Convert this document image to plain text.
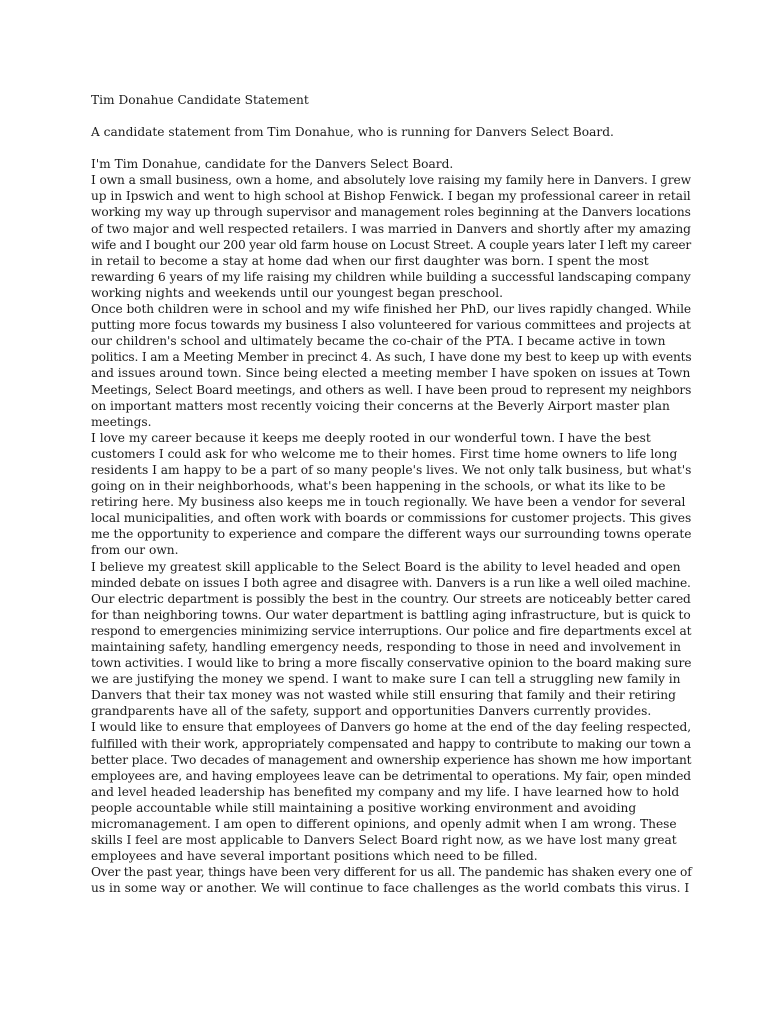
Tim Donahue Candidate Statement
A candidate statement from Tim Donahue, who is running for Danvers Select Board.
I'm Tim Donahue, candidate for the Danvers Select Board.
I own a small business, own a home, and absolutely love raising my family here in Danvers. I grew
up in Ipswich and went to high school at Bishop Fenwick. I began my professional career in retail
working my way up through supervisor and management roles beginning at the Danvers locations
of two major and well respected retailers. I was married in Danvers and shortly after my amazing
wife and I bought our 200 year old farm house on Locust Street. A couple years later I left my career
in retail to become a stay at home dad when our first daughter was born. I spent the most
rewarding 6 years of my life raising my children while building a successful landscaping company
working nights and weekends until our youngest began preschool.
Once both children were in school and my wife finished her PhD, our lives rapidly changed. While
putting more focus towards my business I also volunteered for various committees and projects at
our children's school and ultimately became the co-chair of the PTA. I became active in town
politics. I am a Meeting Member in precinct 4. As such, I have done my best to keep up with events
and issues around town. Since being elected a meeting member I have spoken on issues at Town
Meetings, Select Board meetings, and others as well. I have been proud to represent my neighbors
on important matters most recently voicing their concerns at the Beverly Airport master plan
meetings.
I love my career because it keeps me deeply rooted in our wonderful town. I have the best
customers I could ask for who welcome me to their homes. First time home owners to life long
residents I am happy to be a part of so many people's lives. We not only talk business, but what's
going on in their neighborhoods, what's been happening in the schools, or what its like to be
retiring here. My business also keeps me in touch regionally. We have been a vendor for several
local municipalities, and often work with boards or commissions for customer projects. This gives
me the opportunity to experience and compare the different ways our surrounding towns operate
from our own.
I believe my greatest skill applicable to the Select Board is the ability to level headed and open
minded debate on issues I both agree and disagree with. Danvers is a run like a well oiled machine.
Our electric department is possibly the best in the country. Our streets are noticeably better cared
for than neighboring towns. Our water department is battling aging infrastructure, but is quick to
respond to emergencies minimizing service interruptions. Our police and fire departments excel at
maintaining safety, handling emergency needs, responding to those in need and involvement in
town activities. I would like to bring a more fiscally conservative opinion to the board making sure
we are justifying the money we spend. I want to make sure I can tell a struggling new family in
Danvers that their tax money was not wasted while still ensuring that family and their retiring
grandparents have all of the safety, support and opportunities Danvers currently provides.
I would like to ensure that employees of Danvers go home at the end of the day feeling respected,
fulfilled with their work, appropriately compensated and happy to contribute to making our town a
better place. Two decades of management and ownership experience has shown me how important
employees are, and having employees leave can be detrimental to operations. My fair, open minded
and level headed leadership has benefited my company and my life. I have learned how to hold
people accountable while still maintaining a positive working environment and avoiding
micromanagement. I am open to different opinions, and openly admit when I am wrong. These
skills I feel are most applicable to Danvers Select Board right now, as we have lost many great
employees and have several important positions which need to be filled.
Over the past year, things have been very different for us all. The pandemic has shaken every one of
us in some way or another. We will continue to face challenges as the world combats this virus. I
